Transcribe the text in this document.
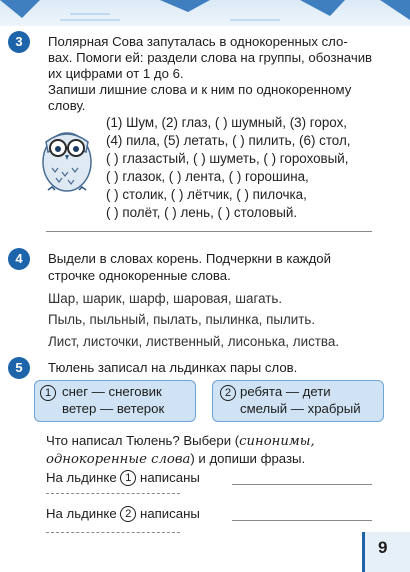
3	Полярная Сова запуталась в однокоренных сло-
вах. Помоги ей: раздели слова на группы, обозначив
их цифрами от 1 до 6.
Запиши лишние слова и к ним по однокоренному
слову.
(1) Шум, (2) глаз, ( ) шумный, (3) горох,
(4) пила, (5) летать, ( ) пилить, (6) стол,
( ) глазастый, ( ) шуметь, ( ) гороховый,
( ) глазок, ( ) лента, ( ) горошина,
( ) столик, ( ) лётчик, ( ) пилочка,
( ) полёт, ( ) лень, ( ) столовый.
4	Выдели в словах корень. Подчеркни в каждой
строчке однокоренные слова.
Шар, шарик, шарф, шаровая, шагать.
Пыль, пыльный, пылать, пылинка, пылить.
Лист, листочки, лиственный, лисонька, листва.
5	Тюлень записал на льдинках пары слов.
1 снег — снеговик
ветер — ветерок
2 ребята — дети
смелый — храбрый
Что написал Тюлень? Выбери (синонимы,
однокоренные слова) и допиши фразы.
На льдинке 1 написаны
На льдинке 2 написаны
9
